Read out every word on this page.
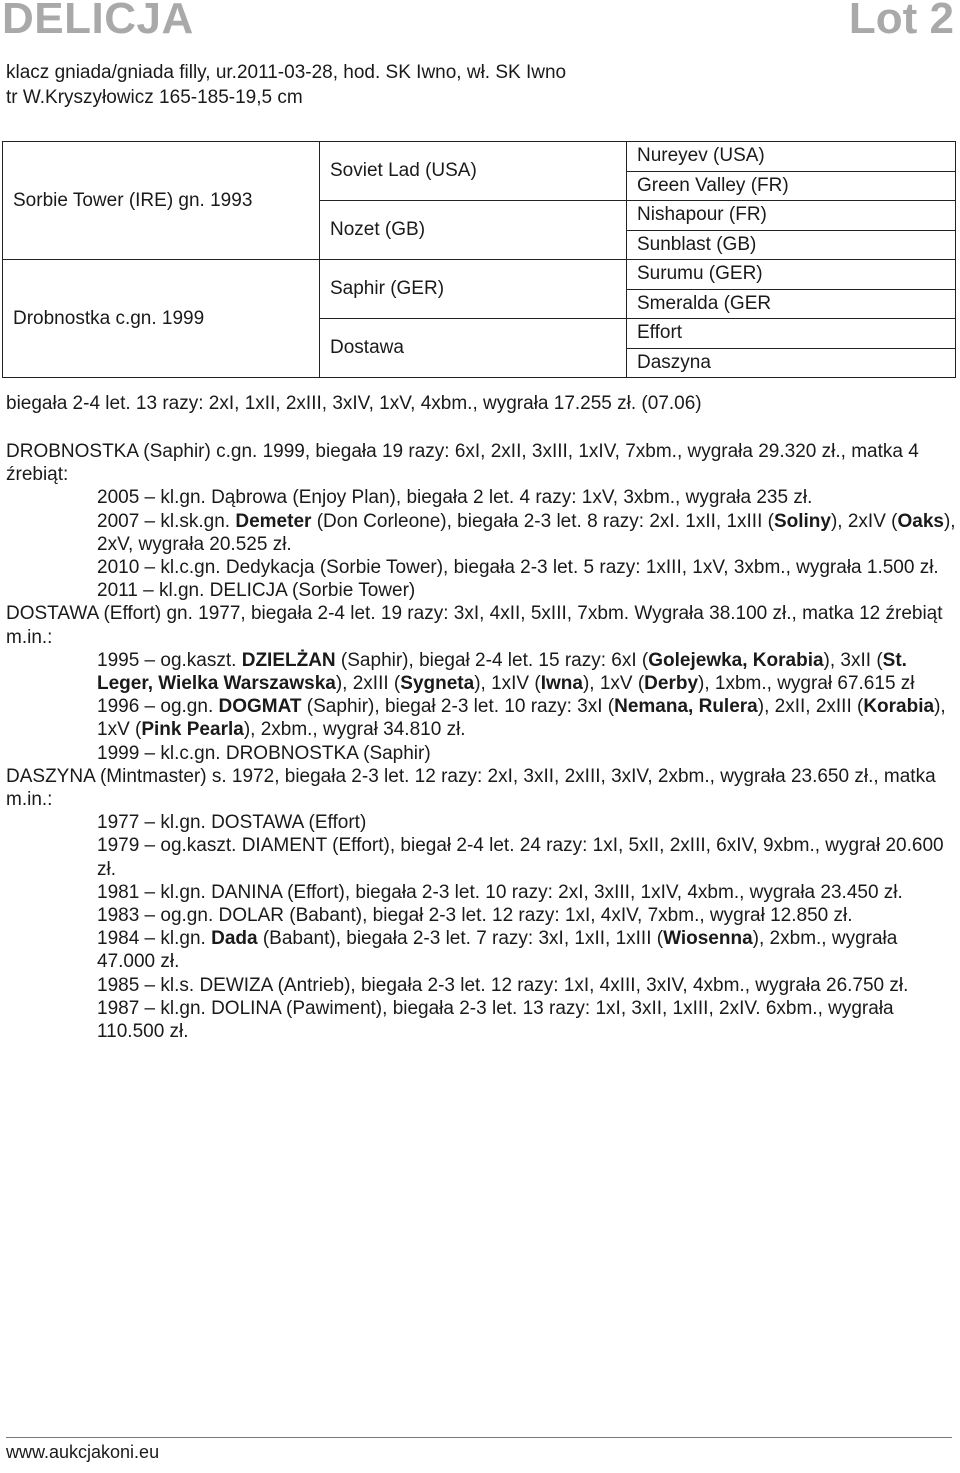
DELICJA	Lot 2
klacz gniada/gniada filly, ur.2011-03-28, hod. SK Iwno, wł. SK Iwno
tr W.Kryszyłowicz 165-185-19,5 cm
Sorbie Tower (IRE) gn. 1993	Soviet Lad (USA)	Nureyev (USA)
		Green Valley (FR)
	Nozet (GB)	Nishapour (FR)
		Sunblast (GB)
Drobnostka c.gn. 1999	Saphir (GER)	Surumu (GER)
		Smeralda (GER
	Dostawa	Effort
		Daszyna
biegała 2-4 let. 13 razy: 2xI, 1xII, 2xIII, 3xIV, 1xV, 4xbm., wygrała 17.255 zł. (07.06)

DROBNOSTKA (Saphir) c.gn. 1999, biegała 19 razy: 6xI, 2xII, 3xIII, 1xIV, 7xbm., wygrała 29.320 zł., matka 4 źrebiąt:

2005 – kl.gn. Dąbrowa (Enjoy Plan), biegała 2 let. 4 razy: 1xV, 3xbm., wygrała 235 zł.

2007 – kl.sk.gn. Demeter (Don Corleone), biegała 2-3 let. 8 razy: 2xI. 1xII, 1xIII (Soliny), 2xIV (Oaks), 2xV, wygrała 20.525 zł.

2010 – kl.c.gn. Dedykacja (Sorbie Tower), biegała 2-3 let. 5 razy: 1xIII, 1xV, 3xbm., wygrała 1.500 zł.

2011 – kl.gn. DELICJA (Sorbie Tower)

DOSTAWA (Effort) gn. 1977, biegała 2-4 let. 19 razy: 3xI, 4xII, 5xIII, 7xbm. Wygrała 38.100 zł., matka 12 źrebiąt m.in.:

1995 – og.kaszt. DZIELŻAN (Saphir), biegał 2-4 let. 15 razy: 6xI (Golejewka, Korabia), 3xII (St. Leger, Wielka Warszawska), 2xIII (Sygneta), 1xIV (Iwna), 1xV (Derby), 1xbm., wygrał 67.615 zł

1996 – og.gn. DOGMAT (Saphir), biegał 2-3 let. 10 razy: 3xI (Nemana, Rulera), 2xII, 2xIII (Korabia), 1xV (Pink Pearla), 2xbm., wygrał 34.810 zł.

1999 – kl.c.gn. DROBNOSTKA (Saphir)

DASZYNA (Mintmaster) s. 1972, biegała 2-3 let. 12 razy: 2xI, 3xII, 2xIII, 3xIV, 2xbm., wygrała 23.650 zł., matka m.in.:

1977 – kl.gn. DOSTAWA (Effort)

1979 – og.kaszt. DIAMENT (Effort), biegał 2-4 let. 24 razy: 1xI, 5xII, 2xIII, 6xIV, 9xbm., wygrał 20.600 zł.

1981 – kl.gn. DANINA (Effort), biegała 2-3 let. 10 razy: 2xI, 3xIII, 1xIV, 4xbm., wygrała 23.450 zł.

1983 – og.gn. DOLAR (Babant), biegał 2-3 let. 12 razy: 1xI, 4xIV, 7xbm., wygrał 12.850 zł.

1984 – kl.gn. Dada (Babant), biegała 2-3 let. 7 razy: 3xI, 1xII, 1xIII (Wiosenna), 2xbm., wygrała 47.000 zł.

1985 – kl.s. DEWIZA (Antrieb), biegała 2-3 let. 12 razy: 1xI, 4xIII, 3xIV, 4xbm., wygrała 26.750 zł.

1987 – kl.gn. DOLINA (Pawiment), biegała 2-3 let. 13 razy: 1xI, 3xII, 1xIII, 2xIV. 6xbm., wygrała 110.500 zł.

www.aukcjakoni.eu
